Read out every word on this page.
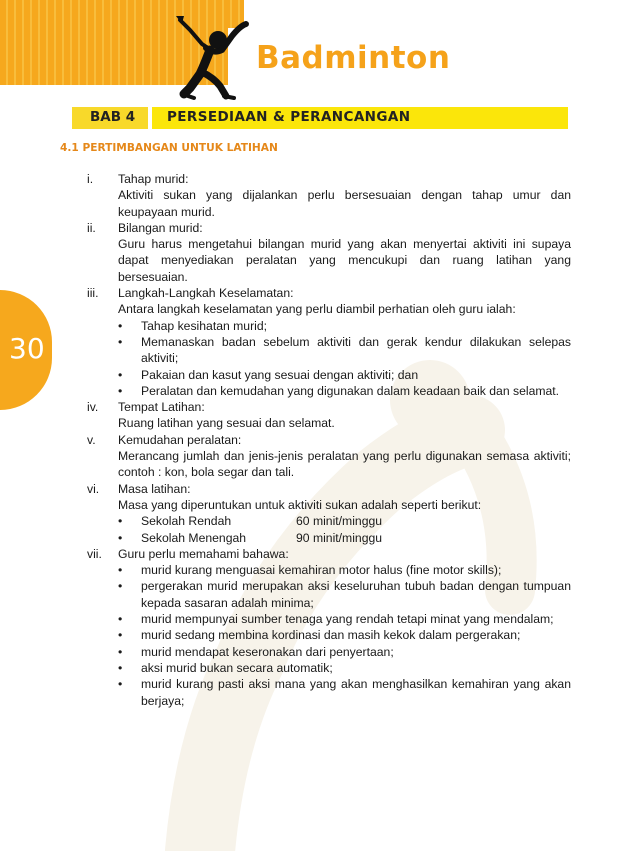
Badminton
BAB 4 PERSEDIAAN & PERANCANGAN
30
4.1 PERTIMBANGAN UNTUK LATIHAN
i.	Tahap murid:
Aktiviti sukan yang dijalankan perlu bersesuaian dengan tahap umur dan keupayaan murid.
ii.	Bilangan murid:
Guru harus mengetahui bilangan murid yang akan menyertai aktiviti ini supaya dapat menyediakan peralatan yang mencukupi dan ruang latihan yang bersesuaian.
iii.	Langkah-Langkah Keselamatan:
Antara langkah keselamatan yang perlu diambil perhatian oleh guru ialah:
•	Tahap kesihatan murid;
•	Memanaskan badan sebelum aktiviti dan gerak kendur dilakukan selepas aktiviti;
•	Pakaian dan kasut yang sesuai dengan aktiviti; dan
•	Peralatan dan kemudahan yang digunakan dalam keadaan baik dan selamat.
iv.	Tempat Latihan:
Ruang latihan yang sesuai dan selamat.
v.	Kemudahan peralatan:
Merancang jumlah dan jenis-jenis peralatan yang perlu digunakan semasa aktiviti; contoh : kon, bola segar dan tali.
vi.	Masa latihan:
Masa yang diperuntukan untuk aktiviti sukan adalah seperti berikut:
•	Sekolah Rendah	60 minit/minggu
•	Sekolah Menengah	90 minit/minggu
vii.	Guru perlu memahami bahawa:
•	murid kurang menguasai kemahiran motor halus (fine motor skills);
•	pergerakan murid merupakan aksi keseluruhan tubuh badan dengan tumpuan kepada sasaran adalah minima;
•	murid mempunyai sumber tenaga yang rendah tetapi minat yang mendalam;
•	murid sedang membina kordinasi dan masih kekok dalam pergerakan;
•	murid mendapat keseronakan dari penyertaan;
•	aksi murid bukan secara automatik;
•	murid kurang pasti aksi mana yang akan menghasilkan kemahiran yang akan berjaya;
